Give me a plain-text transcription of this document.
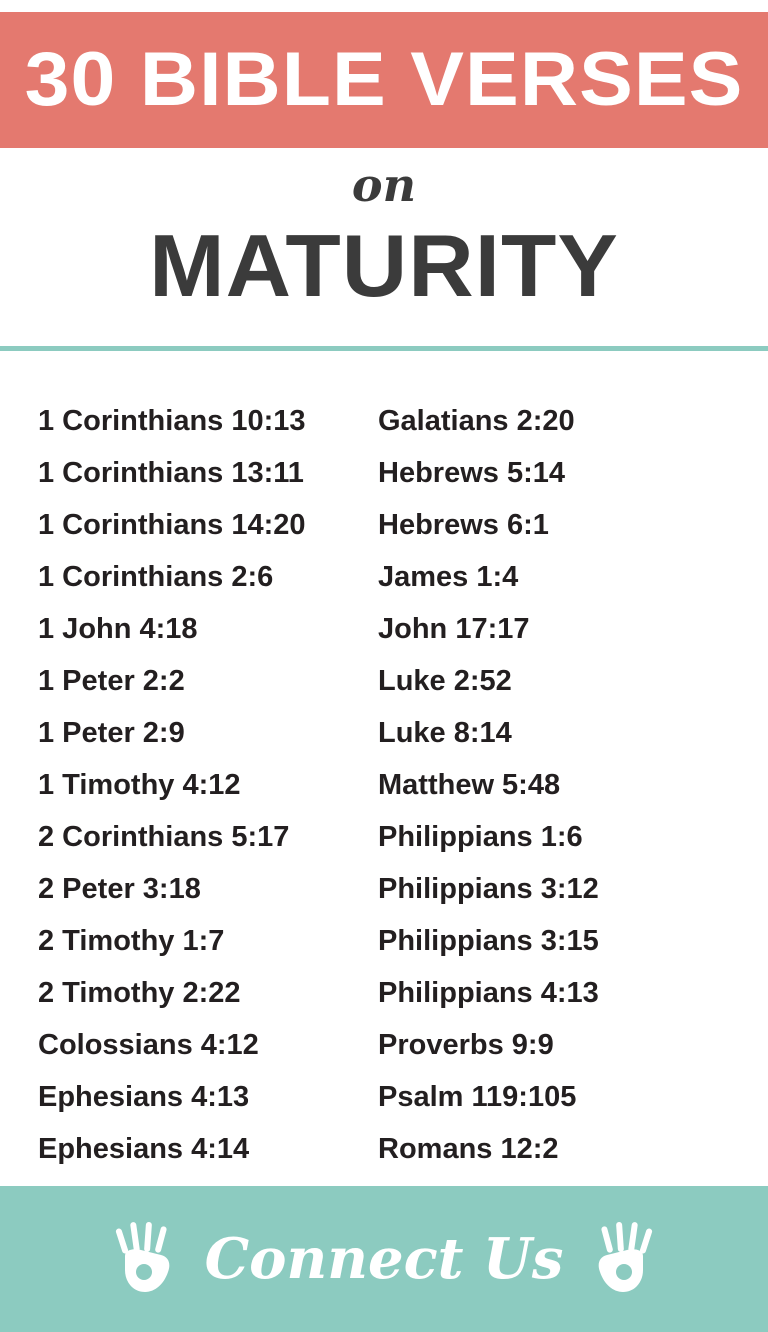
30 BIBLE VERSES
on
MATURITY
1 Corinthians 10:13
1 Corinthians 13:11
1 Corinthians 14:20
1 Corinthians 2:6
1 John 4:18
1 Peter 2:2
1 Peter 2:9
1 Timothy 4:12
2 Corinthians 5:17
2 Peter 3:18
2 Timothy 1:7
2 Timothy 2:22
Colossians 4:12
Ephesians 4:13
Ephesians 4:14
Galatians 2:20
Hebrews 5:14
Hebrews 6:1
James 1:4
John 17:17
Luke 2:52
Luke 8:14
Matthew 5:48
Philippians 1:6
Philippians 3:12
Philippians 3:15
Philippians 4:13
Proverbs 9:9
Psalm 119:105
Romans 12:2
Connect Us
